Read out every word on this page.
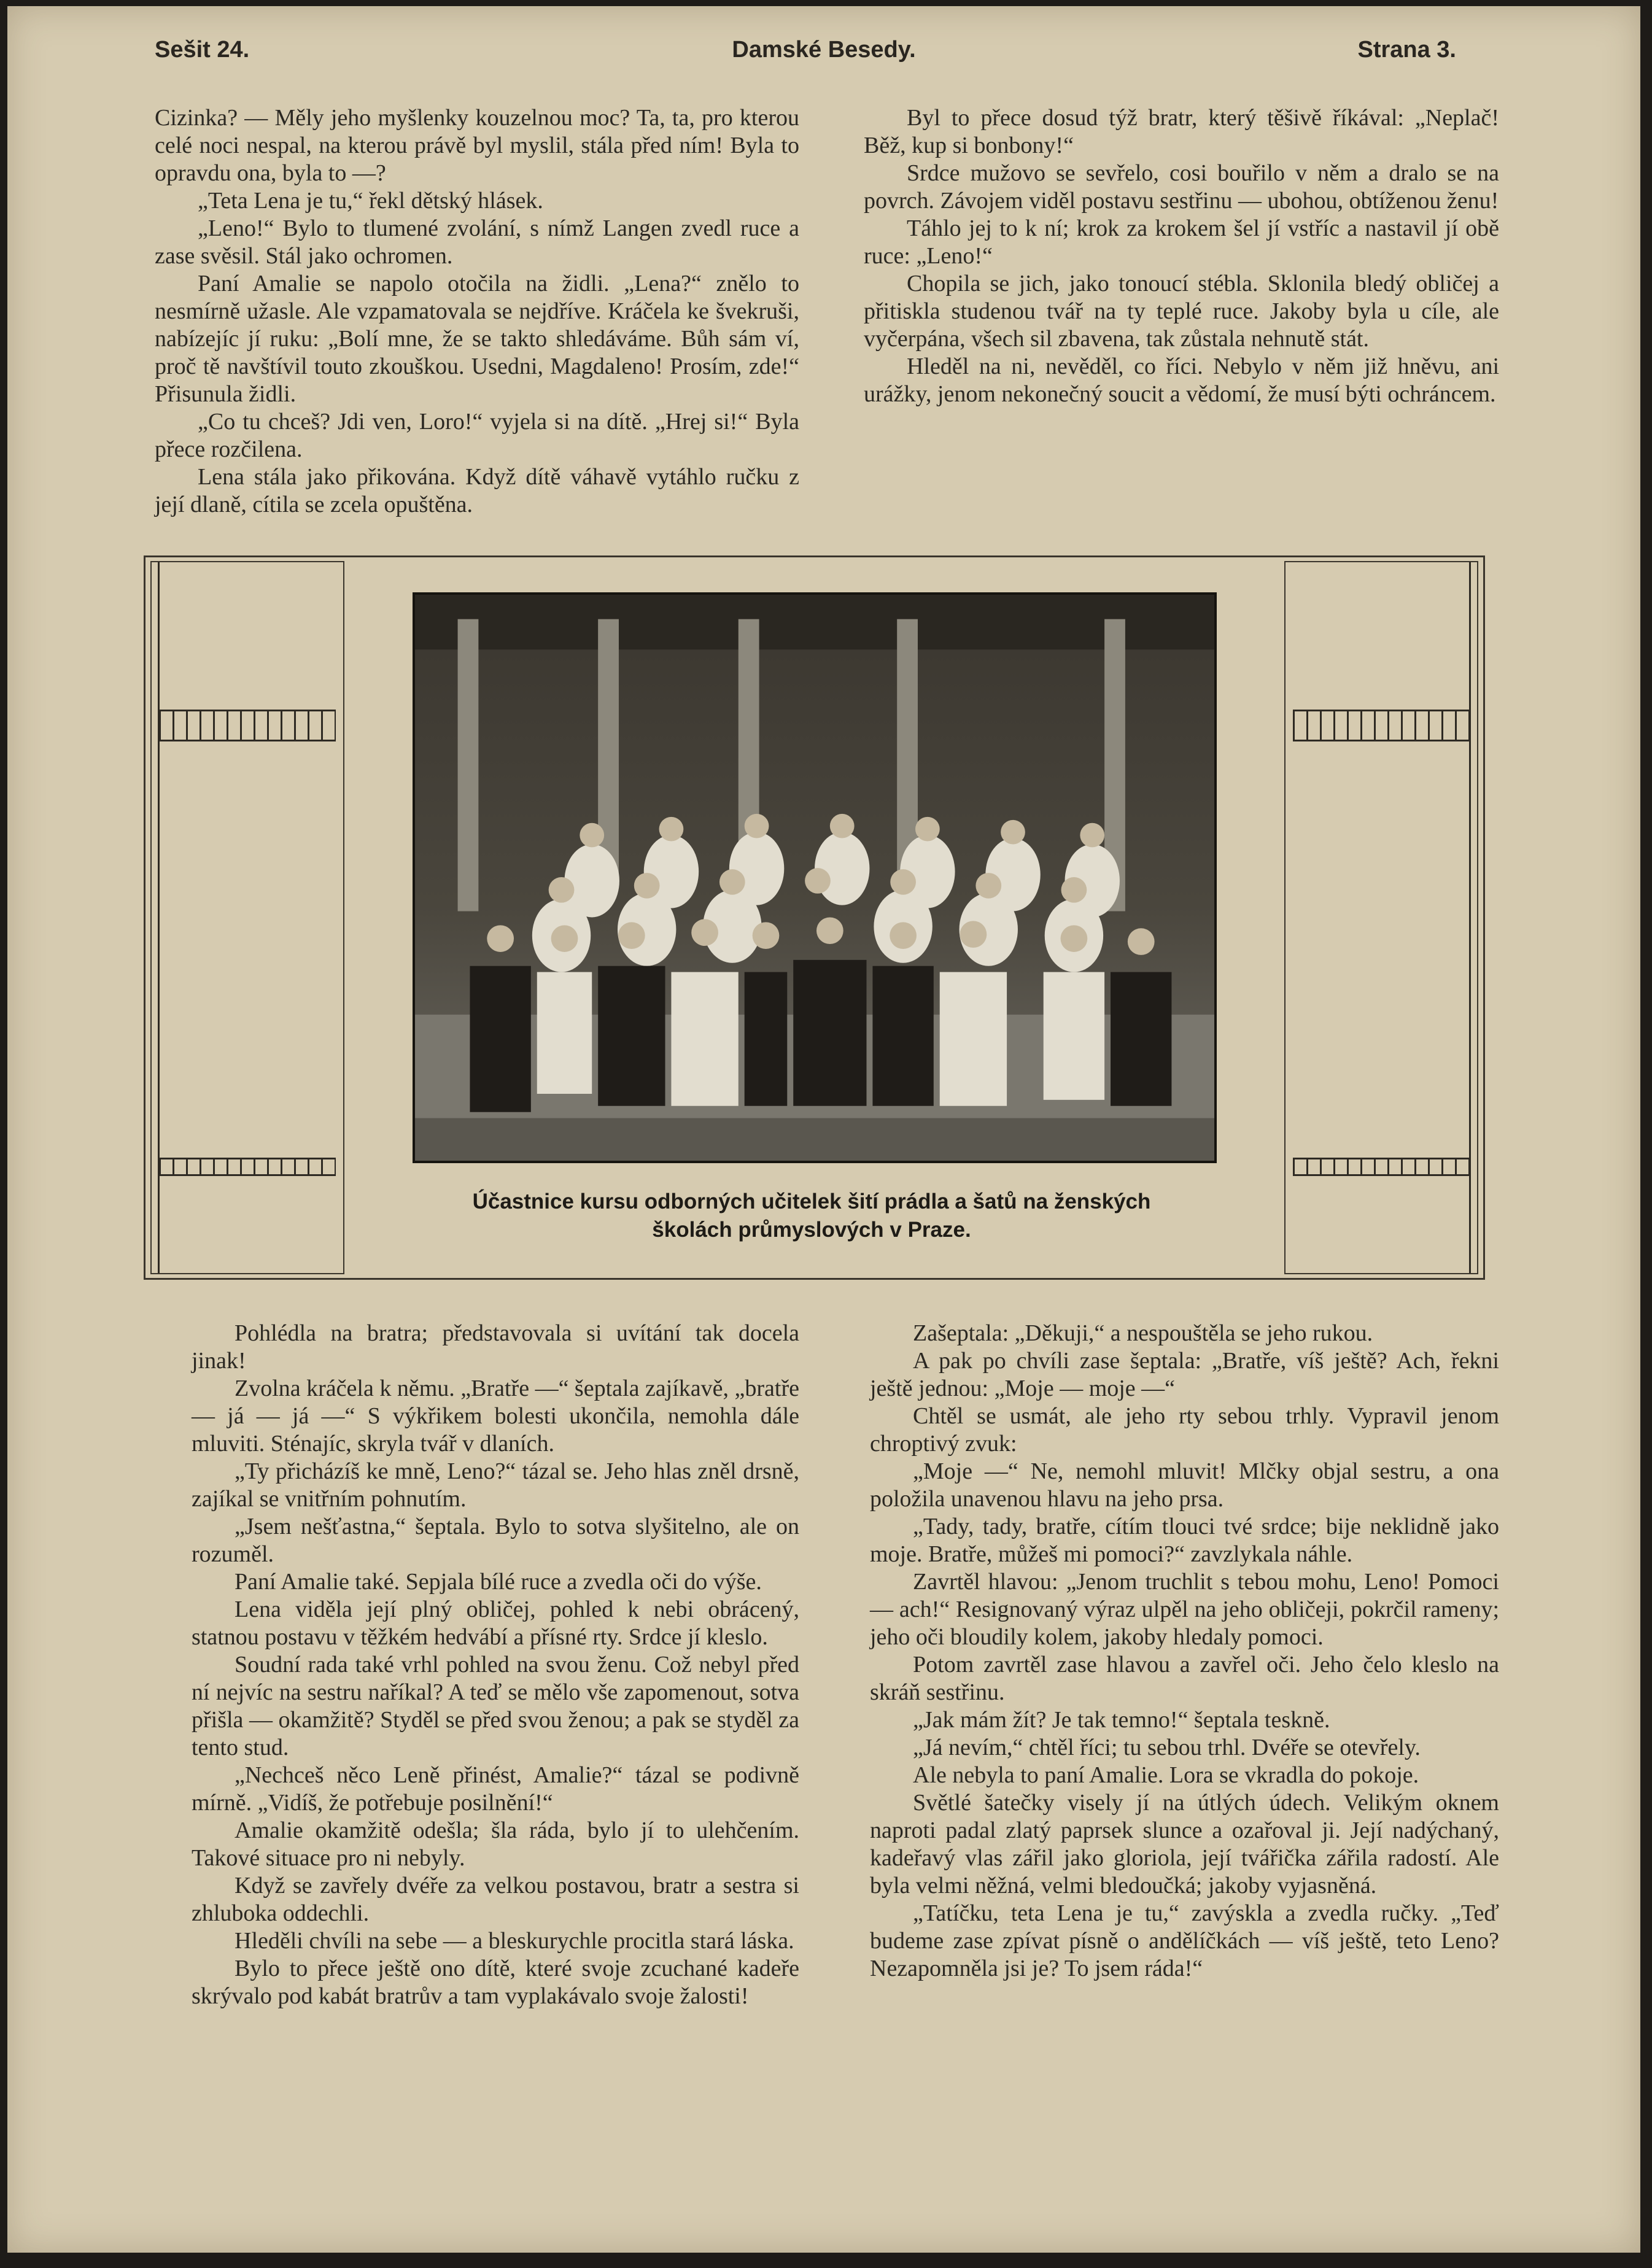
Sešit 24.	Damské Besedy.	Strana 3.

Cizinka? — Měly jeho myšlenky kouzelnou moc? Ta, ta, pro kterou celé noci nespal, na kterou právě byl myslil, stála před ním! Byla to opravdu ona, byla to —?

„Teta Lena je tu,“ řekl dětský hlásek.

„Leno!“ Bylo to tlumené zvolání, s nímž Langen zvedl ruce a zase svěsil. Stál jako ochromen.

Paní Amalie se napolo otočila na židli. „Lena?“ znělo to nesmírně užasle. Ale vzpamatovala se nejdříve. Kráčela ke švekruši, nabízejíc jí ruku: „Bolí mne, že se takto shledáváme. Bůh sám ví, proč tě navštívil touto zkouškou. Usedni, Magdaleno! Prosím, zde!“ Přisunula židli.

„Co tu chceš? Jdi ven, Loro!“ vyjela si na dítě. „Hrej si!“ Byla přece rozčilena.

Lena stála jako přikována. Když dítě váhavě vytáhlo ručku z její dlaně, cítila se zcela opuštěna.

Byl to přece dosud týž bratr, který těšivě říkával: „Neplač! Běž, kup si bonbony!“

Srdce mužovo se sevřelo, cosi bouřilo v něm a dralo se na povrch. Závojem viděl postavu sestřinu — ubohou, obtíženou ženu!

Táhlo jej to k ní; krok za krokem šel jí vstříc a nastavil jí obě ruce: „Leno!“

Chopila se jich, jako tonoucí stébla. Sklonila bledý obličej a přitiskla studenou tvář na ty teplé ruce. Jakoby byla u cíle, ale vyčerpána, všech sil zbavena, tak zůstala nehnutě stát.

Hleděl na ni, nevěděl, co říci. Nebylo v něm již hněvu, ani urážky, jenom nekonečný soucit a vědomí, že musí býti ochráncem.

Účastnice kursu odborných učitelek šití prádla a šatů na ženských
školách průmyslových v Praze.

Pohlédla na bratra; představovala si uvítání tak docela jinak!

Zvolna kráčela k němu. „Bratře —“ šeptala zajíkavě, „bratře — já — já —“ S výkřikem bolesti ukončila, nemohla dále mluviti. Sténajíc, skryla tvář v dlaních.

„Ty přicházíš ke mně, Leno?“ tázal se. Jeho hlas zněl drsně, zajíkal se vnitřním pohnutím.

„Jsem nešťastna,“ šeptala. Bylo to sotva slyšitelno, ale on rozuměl.

Paní Amalie také. Sepjala bílé ruce a zvedla oči do výše.

Lena viděla její plný obličej, pohled k nebi obrácený, statnou postavu v těžkém hedvábí a přísné rty. Srdce jí kleslo.

Soudní rada také vrhl pohled na svou ženu. Což nebyl před ní nejvíc na sestru naříkal? A teď se mělo vše zapomenout, sotva přišla — okamžitě? Styděl se před svou ženou; a pak se styděl za tento stud.

„Nechceš něco Leně přinést, Amalie?“ tázal se podivně mírně. „Vidíš, že potřebuje posilnění!“

Amalie okamžitě odešla; šla ráda, bylo jí to ulehčením. Takové situace pro ni nebyly.

Když se zavřely dvéře za velkou postavou, bratr a sestra si zhluboka oddechli.

Hleděli chvíli na sebe — a bleskurychle procitla stará láska.

Bylo to přece ještě ono dítě, které svoje zcuchané kadeře skrývalo pod kabát bratrův a tam vyplakávalo svoje žalosti!

Zašeptala: „Děkuji,“ a nespouštěla se jeho rukou.

A pak po chvíli zase šeptala: „Bratře, víš ještě? Ach, řekni ještě jednou: „Moje — moje —“

Chtěl se usmát, ale jeho rty sebou trhly. Vypravil jenom chroptivý zvuk:

„Moje —“ Ne, nemohl mluvit! Mlčky objal sestru, a ona položila unavenou hlavu na jeho prsa.

„Tady, tady, bratře, cítím tlouci tvé srdce; bije neklidně jako moje. Bratře, můžeš mi pomoci?“ zavzlykala náhle.

Zavrtěl hlavou: „Jenom truchlit s tebou mohu, Leno! Pomoci — ach!“ Resignovaný výraz ulpěl na jeho obličeji, pokrčil rameny; jeho oči bloudily kolem, jakoby hledaly pomoci.

Potom zavrtěl zase hlavou a zavřel oči. Jeho čelo kleslo na skráň sestřinu.

„Jak mám žít? Je tak temno!“ šeptala teskně.

„Já nevím,“ chtěl říci; tu sebou trhl. Dvéře se otevřely.

Ale nebyla to paní Amalie. Lora se vkradla do pokoje.

Světlé šatečky visely jí na útlých údech. Velikým oknem naproti padal zlatý paprsek slunce a ozařoval ji. Její nadýchaný, kadeřavý vlas zářil jako gloriola, její tvářička zářila radostí. Ale byla velmi něžná, velmi bledoučká; jakoby vyjasněná.

„Tatíčku, teta Lena je tu,“ zavýskla a zvedla ručky. „Teď budeme zase zpívat písně o andělíčkách — víš ještě, teto Leno? Nezapomněla jsi je? To jsem ráda!“
